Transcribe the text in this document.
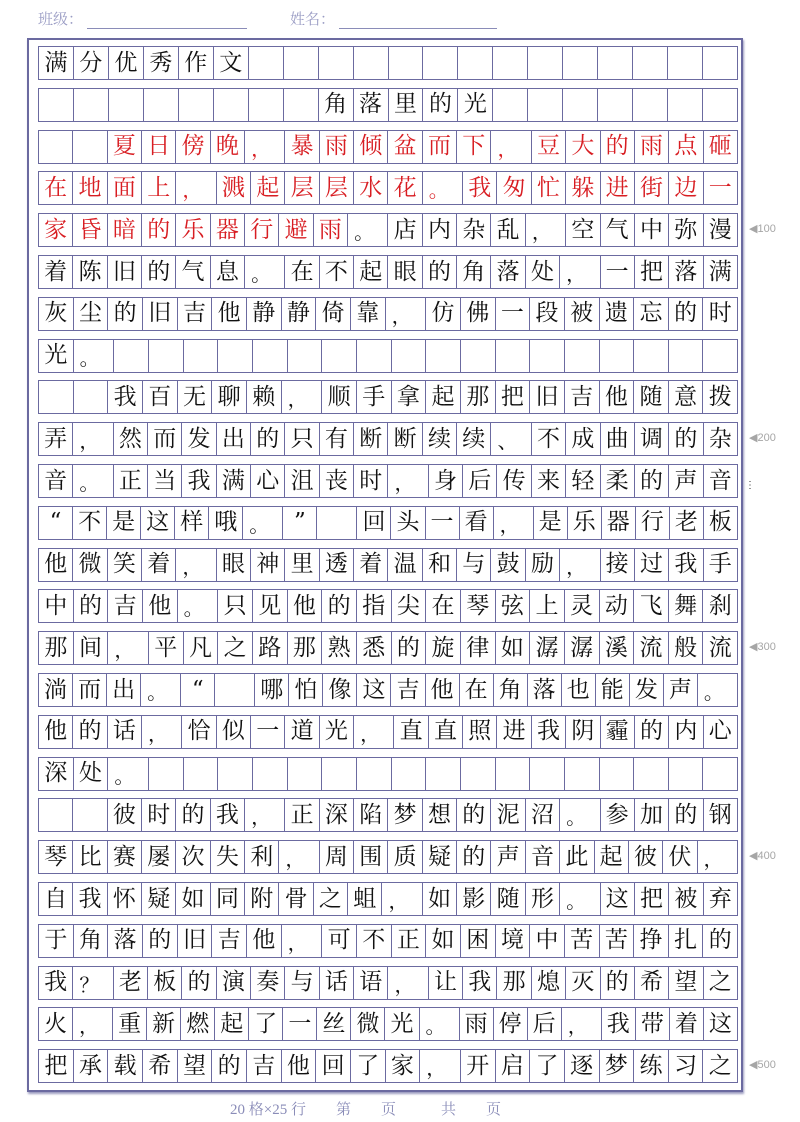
班级：	姓名：
满 分 优 秀 作 文
角 落 里 的 光
夏 日 傍 晚 ， 暴 雨 倾 盆 而 下 ， 豆 大 的 雨 点 砸
在 地 面 上 ， 溅 起 层 层 水 花 。 我 匆 忙 躲 进 街 边 一
家 昏 暗 的 乐 器 行 避 雨 。 店 内 杂 乱 ， 空 气 中 弥 漫
着 陈 旧 的 气 息 。 在 不 起 眼 的 角 落 处 ， 一 把 落 满
灰 尘 的 旧 吉 他 静 静 倚 靠 ， 仿 佛 一 段 被 遗 忘 的 时
光 。
我 百 无 聊 赖 ， 顺 手 拿 起 那 把 旧 吉 他 随 意 拨
弄 ， 然 而 发 出 的 只 有 断 断 续 续 、 不 成 曲 调 的 杂
音 。 正 当 我 满 心 沮 丧 时 ， 身 后 传 来 轻 柔 的 声 音
“ 不 是 这 样 哦 。	”	回 头 一 看 ， 是 乐 器 行 老 板
他 微 笑 着 ， 眼 神 里 透 着 温 和 与 鼓 励 ， 接 过 我 手
中 的 吉 他 。 只 见 他 的 指 尖 在 琴 弦 上 灵 动 飞 舞 刹
那 间 ， 平 凡 之 路 那 熟 悉 的 旋 律 如 潺 潺 溪 流 般 流
淌 而 出 。	“	哪 怕 像 这 吉 他 在 角 落 也 能 发 声 。
他 的 话 ， 恰 似 一 道 光 ， 直 直 照 进 我 阴 霾 的 内 心
深 处 。
彼 时 的 我 ， 正 深 陷 梦 想 的 泥 沼 。 参 加 的 钢
琴 比 赛 屡 次 失 利 ， 周 围 质 疑 的 声 音 此 起 彼 伏 ，
自 我 怀 疑 如 同 附 骨 之 蛆 ， 如 影 随 形 。 这 把 被 弃
于 角 落 的 旧 吉 他 ， 可 不 正 如 困 境 中 苦 苦 挣 扎 的
我 ？ 老 板 的 演 奏 与 话 语 ， 让 我 那 熄 灭 的 希 望 之
火 ， 重 新 燃 起 了 一 丝 微 光 。 雨 停 后 ， 我 带 着 这
把 承 载 希 望 的 吉 他 回 了 家 ， 开 启 了 逐 梦 练 习 之
◀100
◀200
◀300
◀400
◀500
⋮
20 格×25 行　　第　　页　　　共　　页
